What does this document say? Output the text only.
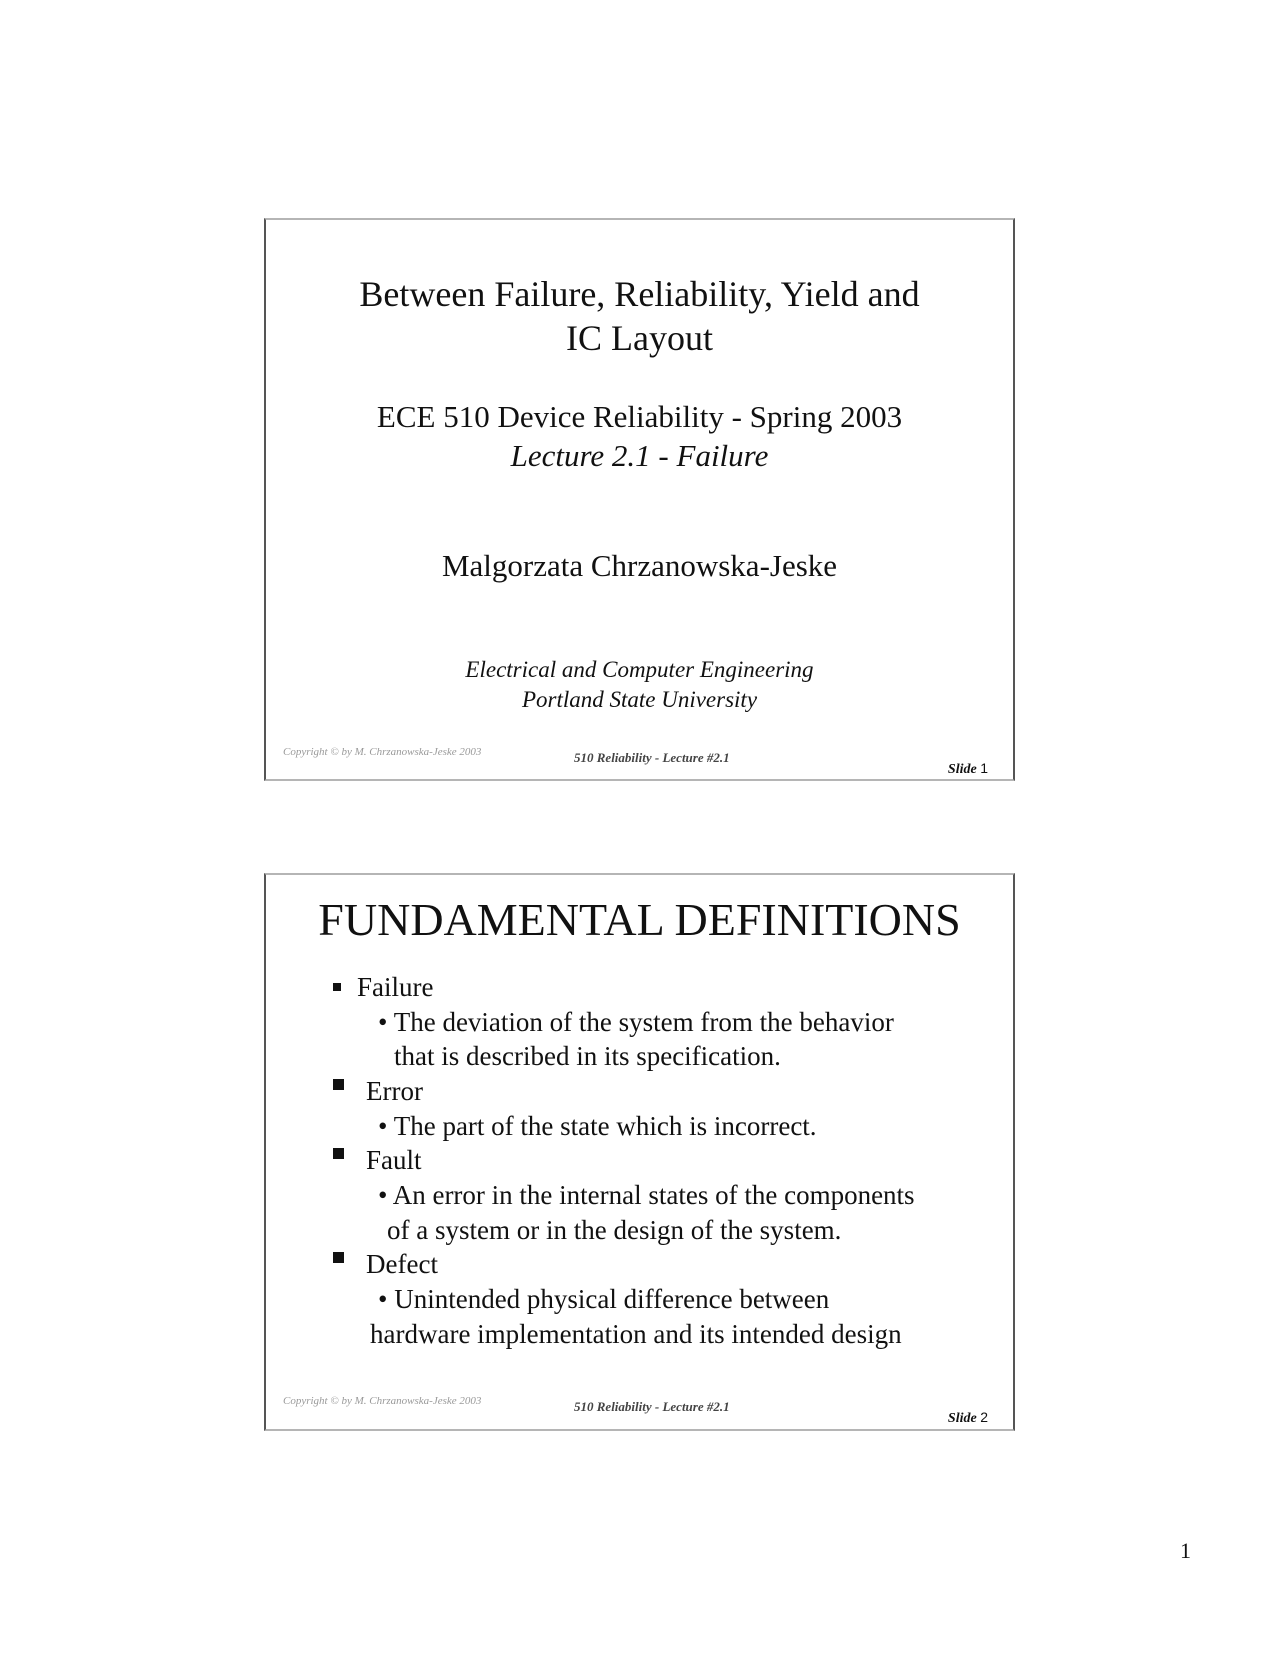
Between Failure, Reliability, Yield and
IC Layout
ECE 510 Device Reliability - Spring 2003
Lecture 2.1 - Failure
Malgorzata Chrzanowska-Jeske
Electrical and Computer Engineering
Portland State University
Copyright © by M. Chrzanowska-Jeske 2003	510 Reliability - Lecture #2.1
Slide 1
FUNDAMENTAL DEFINITIONS
Failure
• The deviation of the system from the behavior
that is described in its specification.
Error
• The part of the state which is incorrect.
Fault
• An error in the internal states of the components
of a system or in the design of the system.
Defect
• Unintended physical difference between
hardware implementation and its intended design
Copyright © by M. Chrzanowska-Jeske 2003	510 Reliability - Lecture #2.1
Slide 2
1
